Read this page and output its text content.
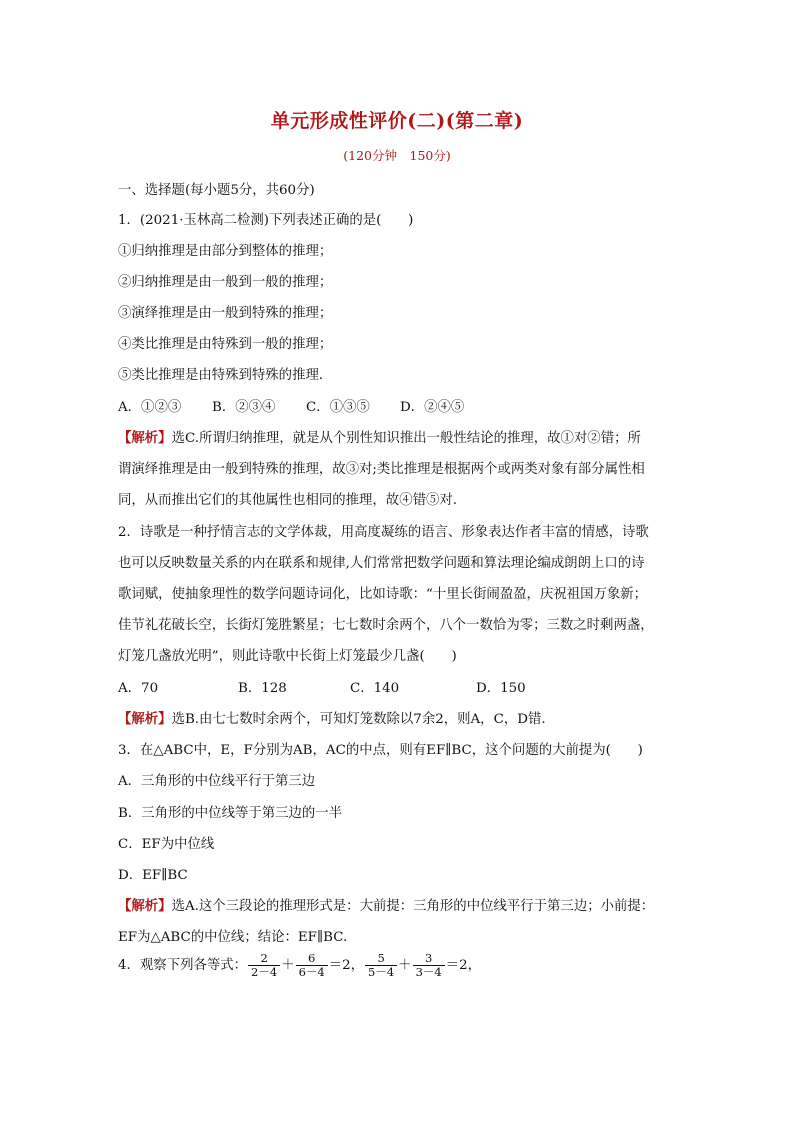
单元形成性评价(二)(第二章)
(120分钟　150分)
一、选择题(每小题5分，共60分)
1．(2021·玉林高二检测)下列表述正确的是(　　)
①归纳推理是由部分到整体的推理；
②归纳推理是由一般到一般的推理；
③演绎推理是由一般到特殊的推理；
④类比推理是由特殊到一般的推理；
⑤类比推理是由特殊到特殊的推理．
A．①②③ B．②③④ C．①③⑤ D．②④⑤
【解析】选C.所谓归纳推理，就是从个别性知识推出一般性结论的推理，故①对②错；所
谓演绎推理是由一般到特殊的推理，故③对;类比推理是根据两个或两类对象有部分属性相
同，从而推出它们的其他属性也相同的推理，故④错⑤对.
2．诗歌是一种抒情言志的文学体裁，用高度凝练的语言、形象表达作者丰富的情感，诗歌
也可以反映数量关系的内在联系和规律,人们常常把数学问题和算法理论编成朗朗上口的诗
歌词赋，使抽象理性的数学问题诗词化，比如诗歌：“十里长街闹盈盈，庆祝祖国万象新；
佳节礼花破长空，长街灯笼胜繁星；七七数时余两个，八个一数恰为零；三数之时剩两盏，
灯笼几盏放光明”，则此诗歌中长街上灯笼最少几盏(　　)
A．70	B．128	C．140	D．150
【解析】选B.由七七数时余两个，可知灯笼数除以7余2，则A，C，D错.
3．在△ABC中，E，F分别为AB，AC的中点，则有EF∥BC，这个问题的大前提为(　　)
A．三角形的中位线平行于第三边
B．三角形的中位线等于第三边的一半
C．EF为中位线
D．EF∥BC
【解析】选A.这个三段论的推理形式是：大前提：三角形的中位线平行于第三边；小前提：
EF为△ABC的中位线；结论：EF∥BC.
4．观察下列各等式： $\frac{2}{2-4} + \frac{6}{6-4} =2$， $\frac{5}{5-4} + \frac{3}{3-4} =2$，
